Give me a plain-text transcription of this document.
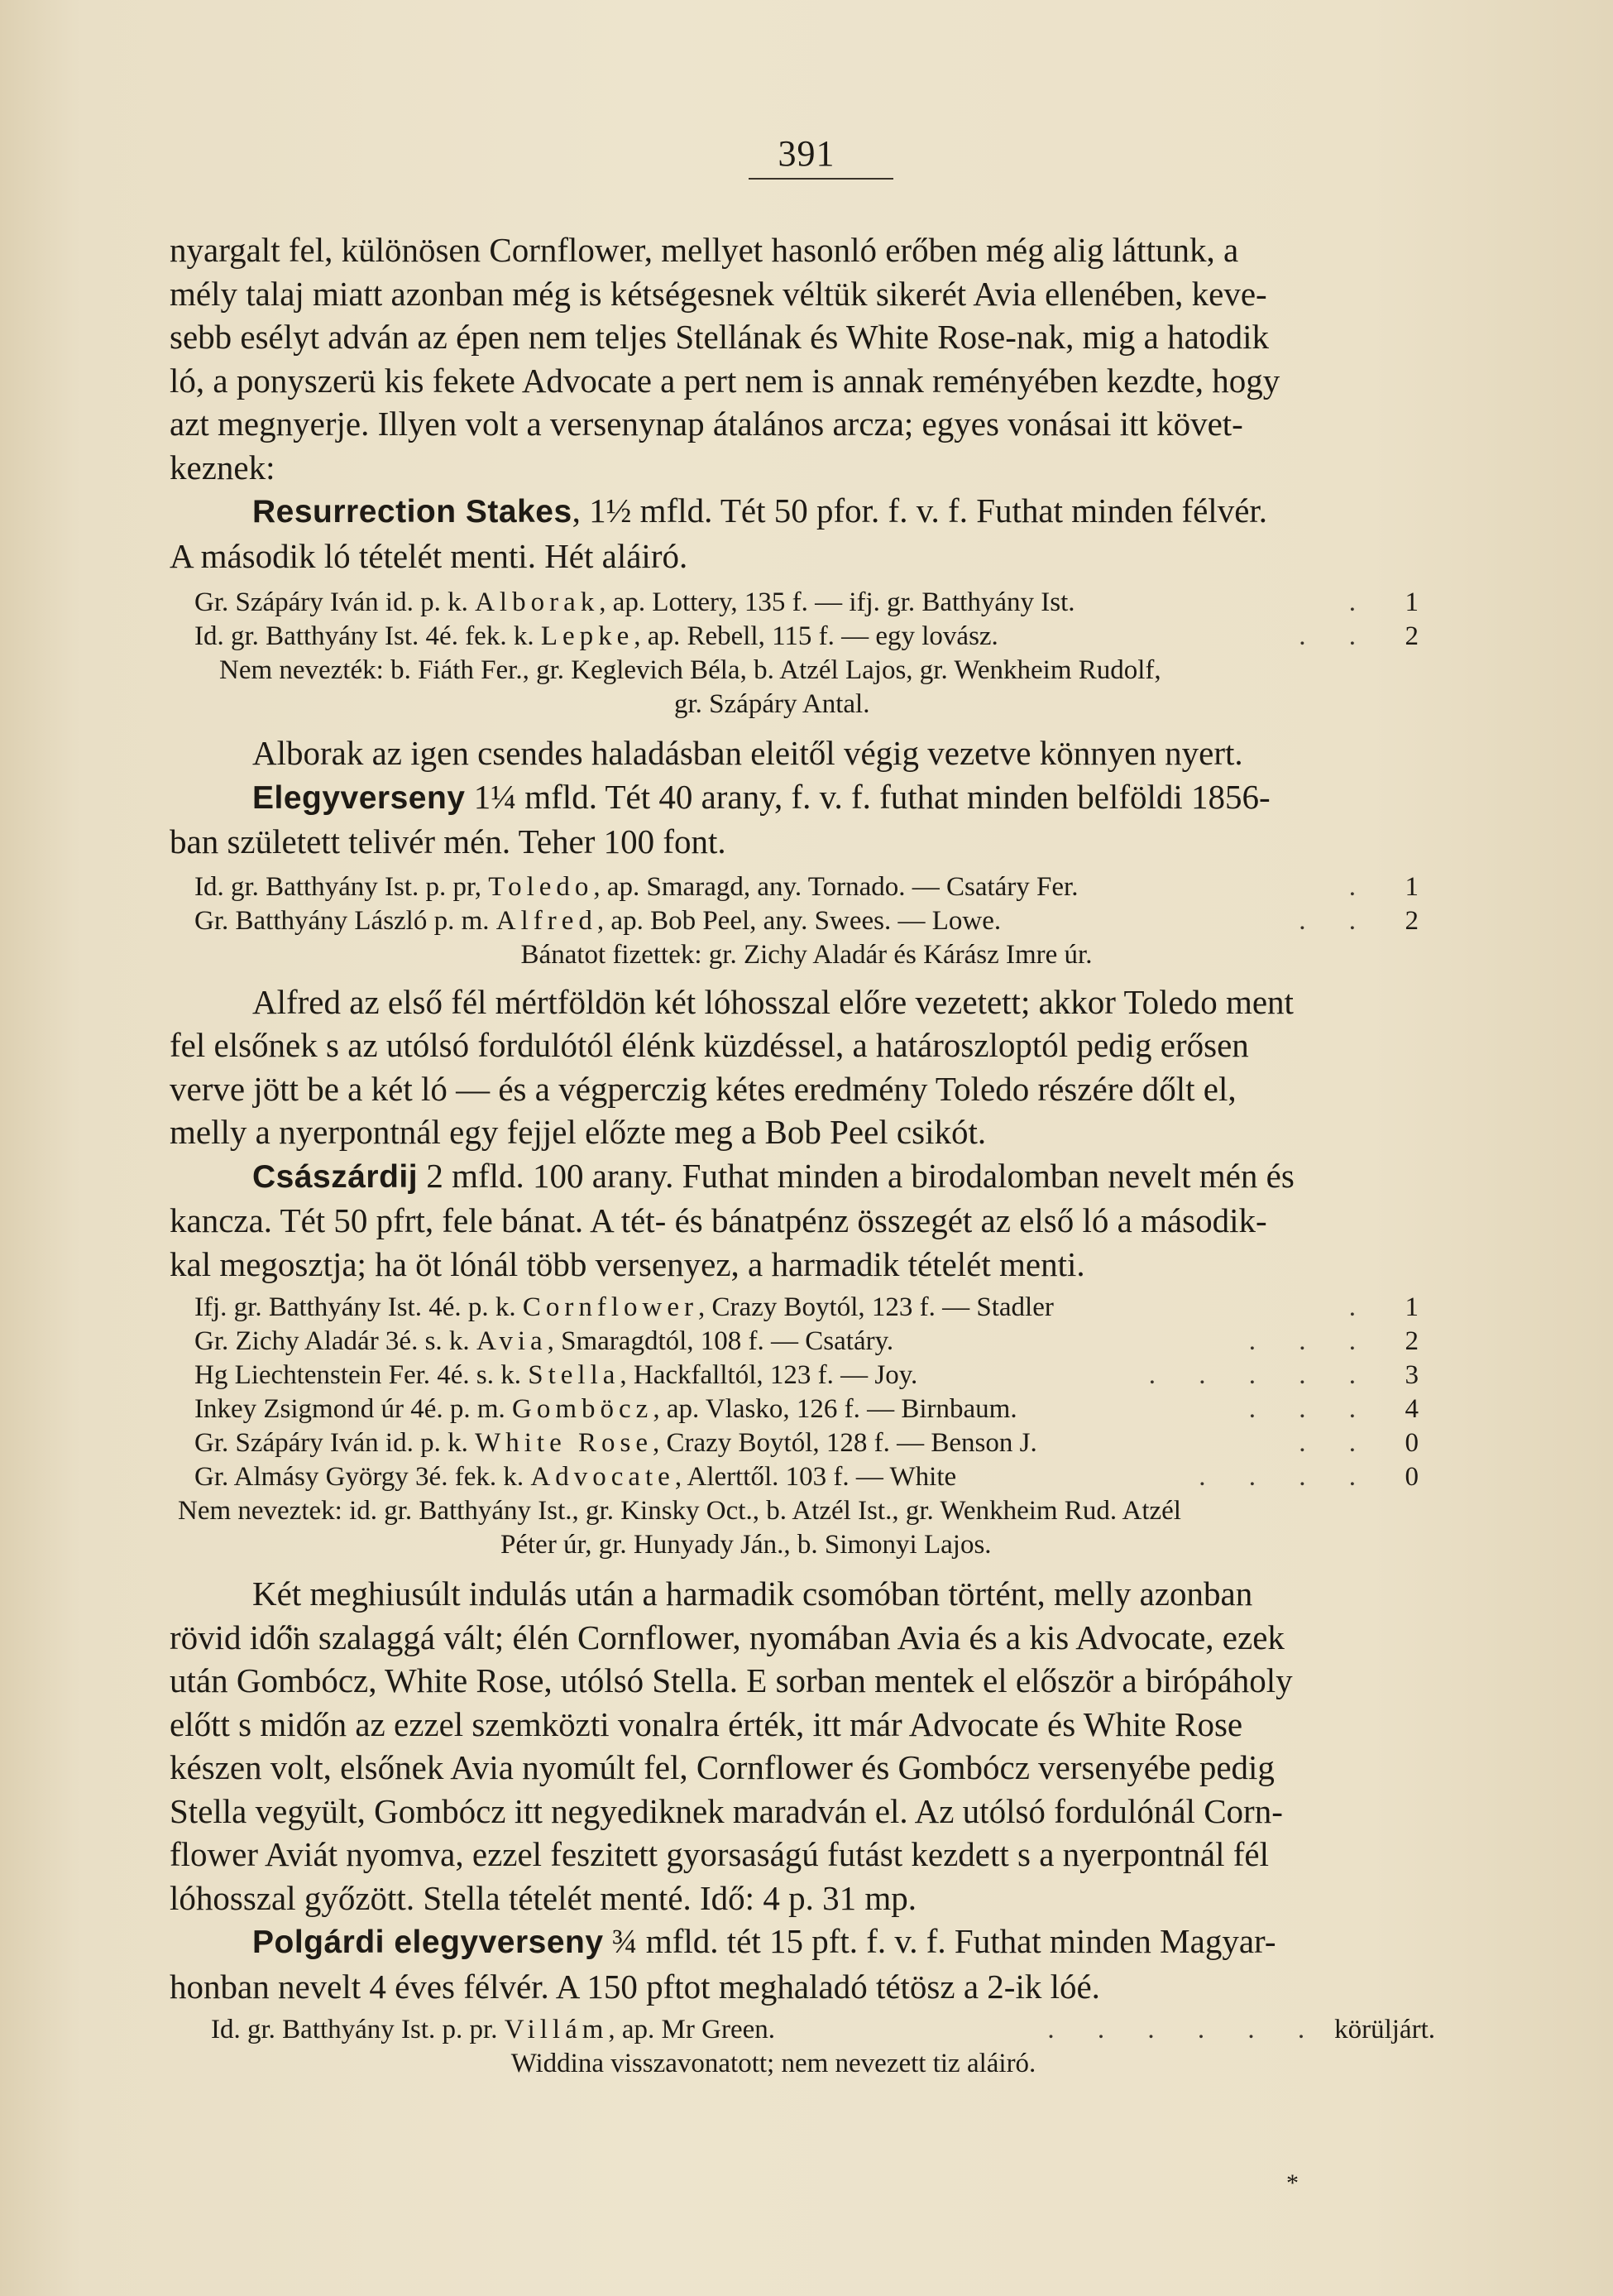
391

nyargalt fel, különösen Cornflower, mellyet hasonló erőben még alig láttunk, a

mély talaj miatt azonban még is kétségesnek véltük sikerét Avia ellenében, keve-

sebb esélyt adván az épen nem teljes Stellának és White Rose-nak, mig a hatodik

ló, a ponyszerü kis fekete Advocate a pert nem is annak reményében kezdte, hogy

azt megnyerje. Illyen volt a versenynap átalános arcza; egyes vonásai itt követ-

keznek:

Resurrection Stakes, 1½ mfld. Tét 50 pfor. f. v. f. Futhat minden félvér.

A második ló tételét menti. Hét aláiró.

Gr. Szápáry Iván id. p. k.
Alborak , ap. Lottery, 135 f. — ifj. gr. Batthyány Ist.	.	1

Id. gr. Batthyány Ist. 4é. fek. k.
Lepke , ap. Rebell, 115 f. — egy lovász.	. .	2

Nem nevezték: b. Fiáth Fer., gr. Keglevich Béla, b. Atzél Lajos, gr. Wenkheim Rudolf,

gr. Szápáry Antal.

Alborak az igen csendes haladásban eleitől végig vezetve könnyen nyert.

Elegyverseny 1¼ mfld. Tét 40 arany, f. v. f. futhat minden belföldi 1856-

ban született telivér mén. Teher 100 font.

Id. gr. Batthyány Ist. p. pr,
Toledo , ap. Smaragd, any. Tornado. — Csatáry Fer.	.	1

Gr. Batthyány László p. m.
Alfred , ap. Bob Peel, any. Swees. — Lowe.	. .	2

Bánatot fizettek: gr. Zichy Aladár és Kárász Imre úr.

Alfred az első fél mértföldön két lóhosszal előre vezetett; akkor Toledo ment

fel elsőnek s az utólsó fordulótól élénk küzdéssel, a határoszloptól pedig erősen

verve jött be a két ló — és a végperczig kétes eredmény Toledo részére dőlt el,

melly a nyerpontnál egy fejjel előzte meg a Bob Peel csikót.

Császárdij 2 mfld. 100 arany. Futhat minden a birodalomban nevelt mén és

kancza. Tét 50 pfrt, fele bánat. A tét- és bánatpénz összegét az első ló a második-

kal megosztja; ha öt lónál több versenyez, a harmadik tételét menti.

Ifj. gr. Batthyány Ist. 4é. p. k.
Cornflower , Crazy Boytól, 123 f. — Stadler	.	1

Gr. Zichy Aladár 3é. s. k.
Avia , Smaragdtól, 108 f. — Csatáry.	. . .	2

Hg Liechtenstein Fer. 4é. s. k.
Stella , Hackfalltól, 123 f. — Joy.	. . . . .	3

Inkey Zsigmond úr 4é. p. m.
Gomböcz , ap. Vlasko, 126 f. — Birnbaum.	. . .	4

Gr. Szápáry Iván id. p. k.
White Rose , Crazy Boytól, 128 f. — Benson J.	. .	0

Gr. Almásy György 3é. fek. k.
Advocate , Alerttől. 103 f. — White	. . . .	0

Nem neveztek: id. gr. Batthyány Ist., gr. Kinsky Oct., b. Atzél Ist., gr. Wenkheim Rud. Atzél

Péter úr, gr. Hunyady Ján., b. Simonyi Lajos.

Két meghiusúlt indulás után a harmadik csomóban történt, melly azonban

rövid idő̈n szalaggá vált; élén Cornflower, nyomában Avia és a kis Advocate, ezek

után Gombócz, White Rose, utólsó Stella. E sorban mentek el először a birópáholy

előtt s midőn az ezzel szemközti vonalra érték, itt már Advocate és White Rose

készen volt, elsőnek Avia nyomúlt fel, Cornflower és Gombócz versenyébe pedig

Stella vegyült, Gombócz itt negyediknek maradván el. Az utólsó fordulónál Corn-

flower Aviát nyomva, ezzel feszitett gyorsaságú futást kezdett s a nyerpontnál fél

lóhosszal győzött. Stella tételét menté. Idő: 4 p. 31 mp.

Polgárdi elegyverseny ¾ mfld. tét 15 pft. f. v. f. Futhat minden Magyar-

honban nevelt 4 éves félvér. A 150 pftot meghaladó tétösz a 2-ik lóé.

Id. gr. Batthyány Ist. p. pr.
Villám , ap. Mr Green.	. . . . . . körüljárt.

Widdina visszavonatott; nem nevezett tiz aláiró.

*
